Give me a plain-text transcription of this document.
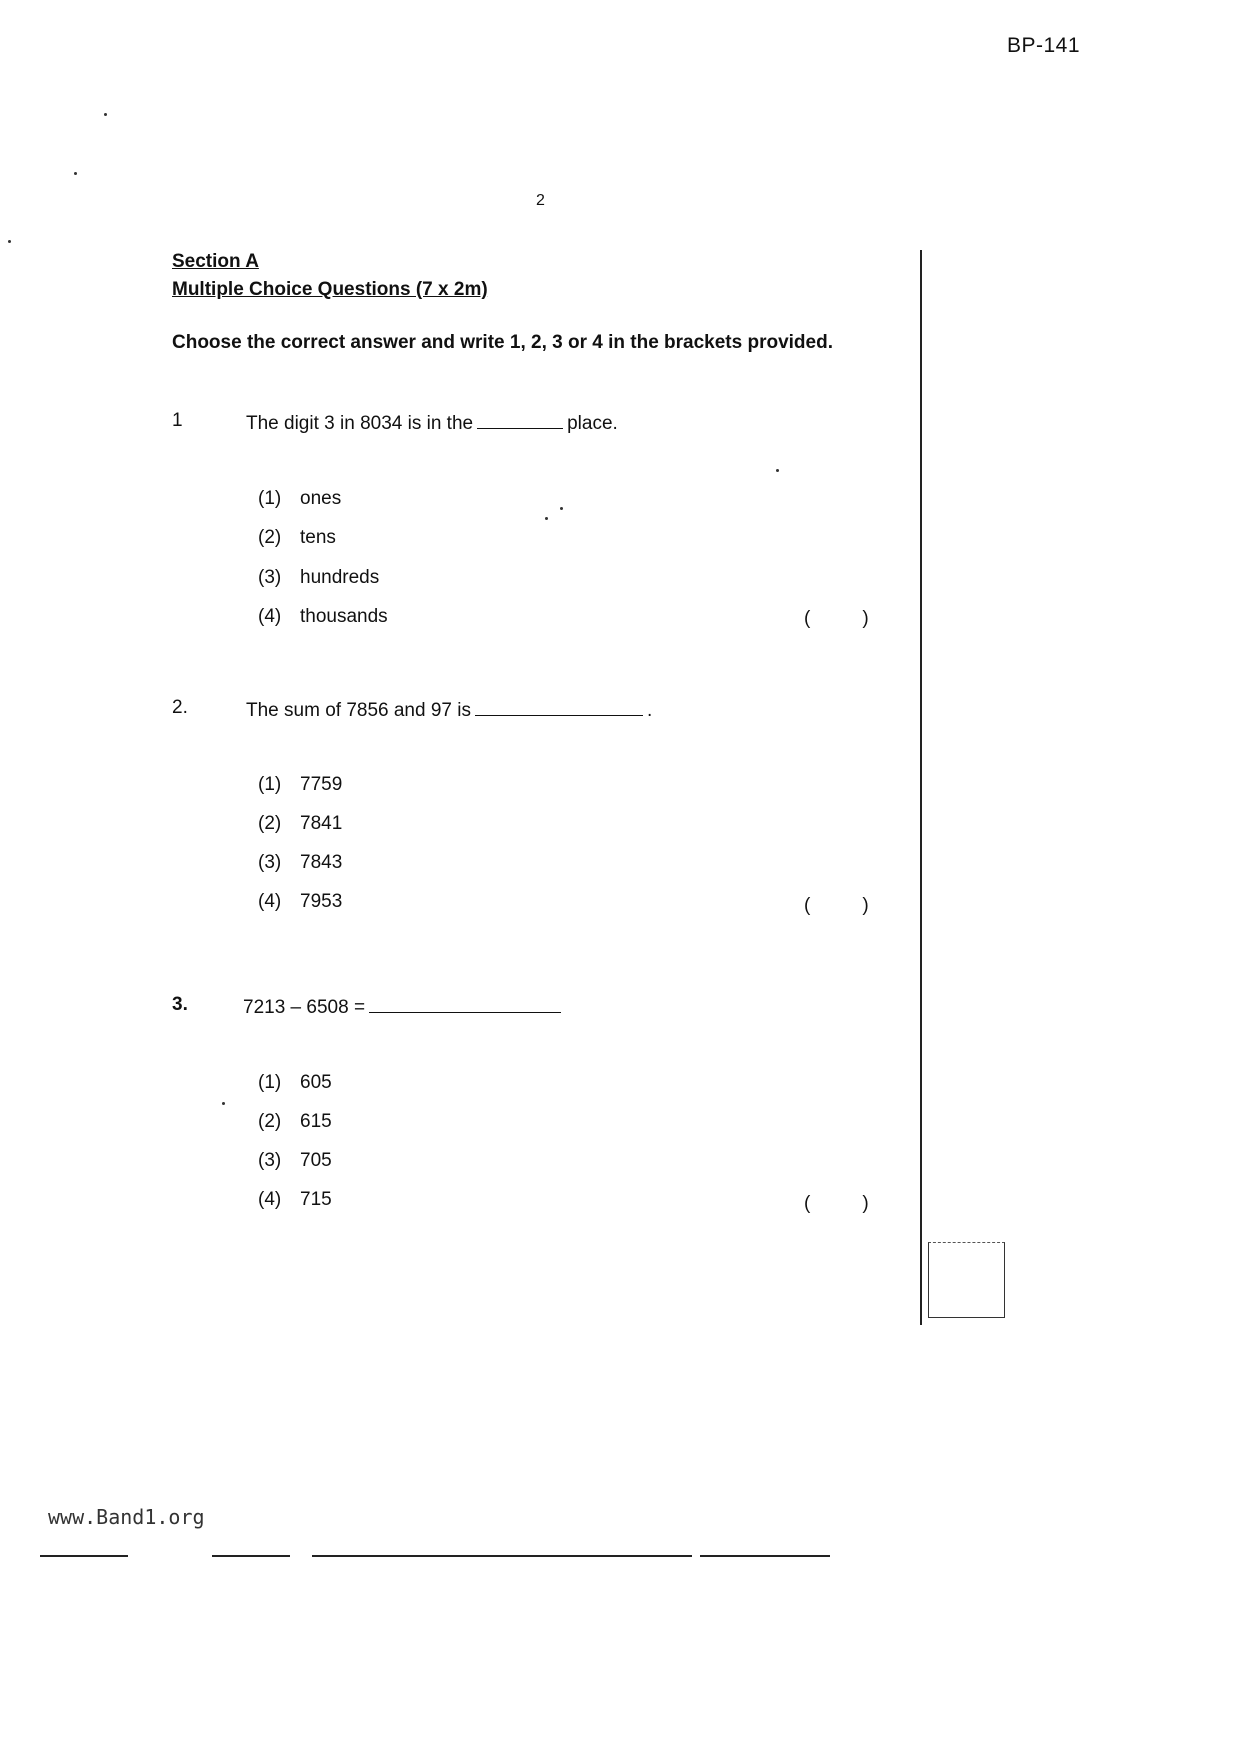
BP-141
2
Section A
Multiple Choice Questions (7 x 2m)
Choose the correct answer and write 1, 2, 3 or 4 in the brackets provided.
1	The digit 3 in 8034 is in the	place.
(1) ones
(2) tens
(3) hundreds
(4) thousands	(	)
2.	The sum of 7856 and 97 is	.
(1) 7759
(2) 7841
(3) 7843
(4) 7953	(	)
3.	7213 – 6508 =
(1) 605
(2) 615
(3) 705
(4) 715	(	)
www.Band1.org
